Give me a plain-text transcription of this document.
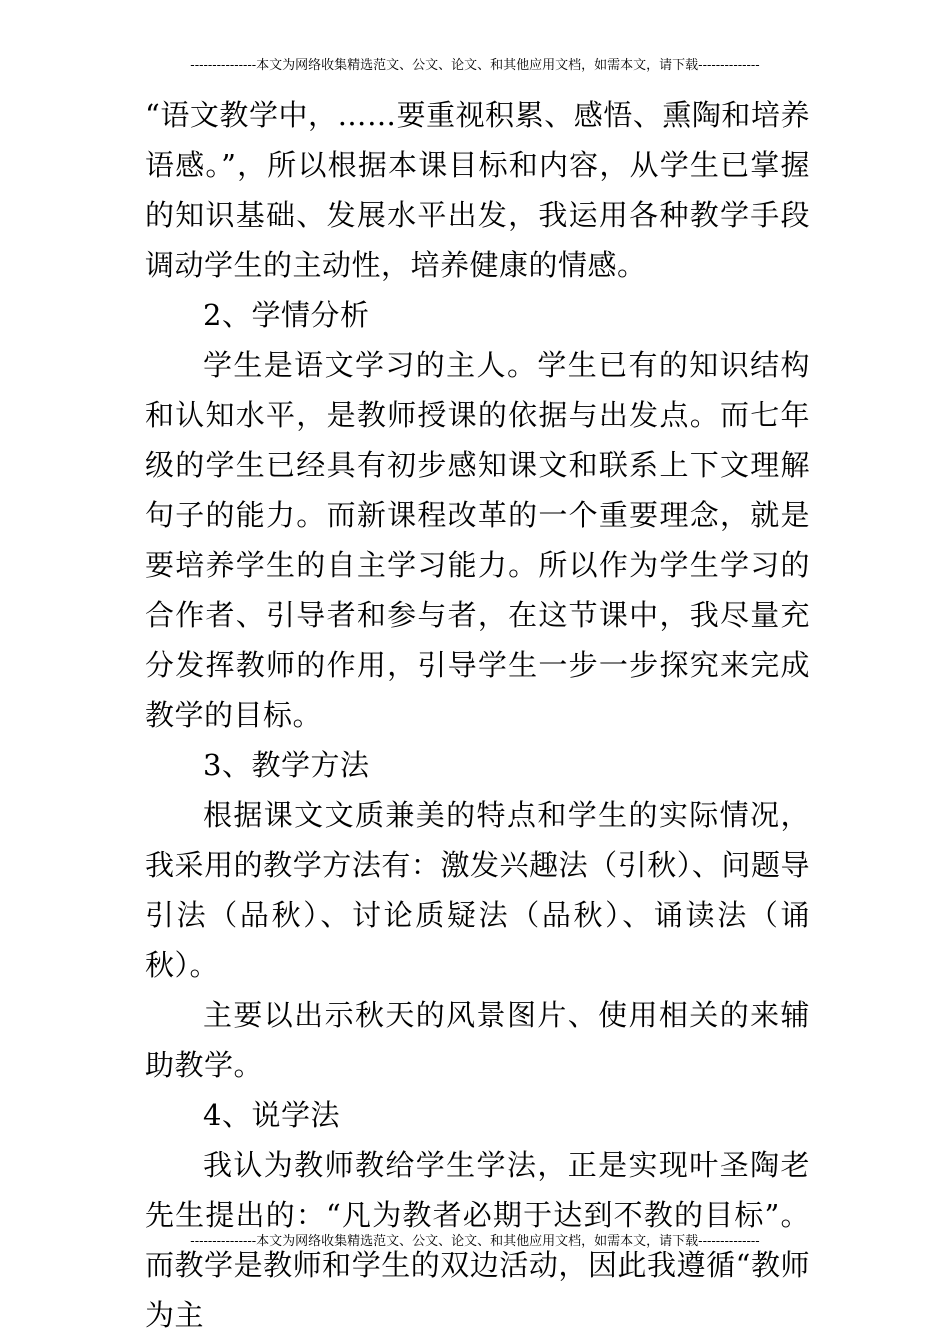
---------------本文为网络收集精选范文、公文、论文、和其他应用文档，如需本文，请下载--------------

“语文教学中，……要重视积累、感悟、熏陶和培养语感。”，所以根据本课目标和内容，从学生已掌握的知识基础、发展水平出发，我运用各种教学手段调动学生的主动性，培养健康的情感。

2、学情分析

学生是语文学习的主人。学生已有的知识结构和认知水平，是教师授课的依据与出发点。而七年级的学生已经具有初步感知课文和联系上下文理解句子的能力。而新课程改革的一个重要理念，就是要培养学生的自主学习能力。所以作为学生学习的合作者、引导者和参与者，在这节课中，我尽量充分发挥教师的作用，引导学生一步一步探究来完成教学的目标。

3、教学方法

根据课文文质兼美的特点和学生的实际情况，我采用的教学方法有：激发兴趣法（引秋）、问题导引法（品秋）、讨论质疑法（品秋）、诵读法（诵秋）。

主要以出示秋天的风景图片、使用相关的来辅助教学。

4、说学法

我认为教师教给学生学法，正是实现叶圣陶老先生提出的：“凡为教者必期于达到不教的目标”。而教学是教师和学生的双边活动，因此我遵循“教师为主

---------------本文为网络收集精选范文、公文、论文、和其他应用文档，如需本文，请下载--------------
